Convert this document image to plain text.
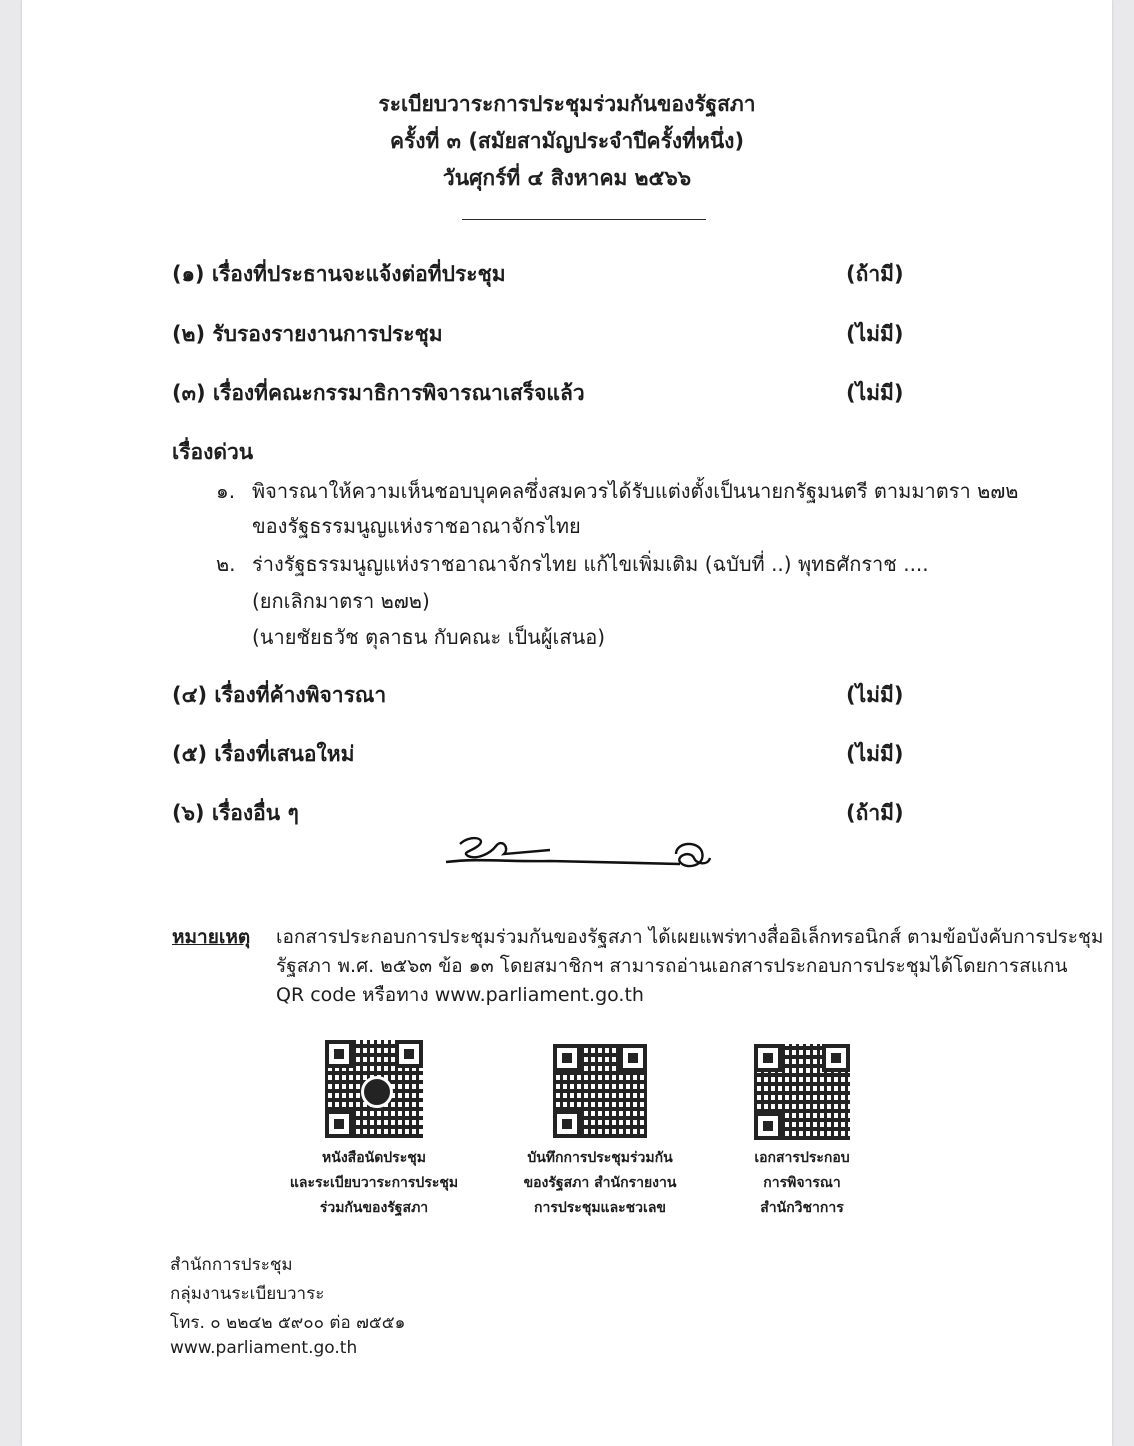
ระเบียบวาระการประชุมร่วมกันของรัฐสภา
ครั้งที่ ๓ (สมัยสามัญประจำปีครั้งที่หนึ่ง)
วันศุกร์ที่ ๔ สิงหาคม ๒๕๖๖
(๑) เรื่องที่ประธานจะแจ้งต่อที่ประชุม	(ถ้ามี)
(๒) รับรองรายงานการประชุม	(ไม่มี)
(๓) เรื่องที่คณะกรรมาธิการพิจารณาเสร็จแล้ว	(ไม่มี)
เรื่องด่วน
๑. พิจารณาให้ความเห็นชอบบุคคลซึ่งสมควรได้รับแต่งตั้งเป็นนายกรัฐมนตรี ตามมาตรา ๒๗๒
ของรัฐธรรมนูญแห่งราชอาณาจักรไทย
๒. ร่างรัฐธรรมนูญแห่งราชอาณาจักรไทย แก้ไขเพิ่มเติม (ฉบับที่ ..) พุทธศักราช ....
(ยกเลิกมาตรา ๒๗๒)
(นายชัยธวัช ตุลาธน กับคณะ เป็นผู้เสนอ)
(๔) เรื่องที่ค้างพิจารณา	(ไม่มี)
(๕) เรื่องที่เสนอใหม่	(ไม่มี)
(๖) เรื่องอื่น ๆ	(ถ้ามี)
หมายเหตุ เอกสารประกอบการประชุมร่วมกันของรัฐสภา ได้เผยแพร่ทางสื่ออิเล็กทรอนิกส์ ตามข้อบังคับการประชุม
รัฐสภา พ.ศ. ๒๕๖๓ ข้อ ๑๓ โดยสมาชิกฯ สามารถอ่านเอกสารประกอบการประชุมได้โดยการสแกน
QR code หรือทาง www.parliament.go.th
หนังสือนัดประชุม
และระเบียบวาระการประชุม
ร่วมกันของรัฐสภา
บันทึกการประชุมร่วมกัน
ของรัฐสภา สำนักรายงาน
การประชุมและชวเลข
เอกสารประกอบ
การพิจารณา
สำนักวิชาการ
สำนักการประชุม
กลุ่มงานระเบียบวาระ
โทร. ๐ ๒๒๔๒ ๕๙๐๐ ต่อ ๗๕๕๑
www.parliament.go.th
